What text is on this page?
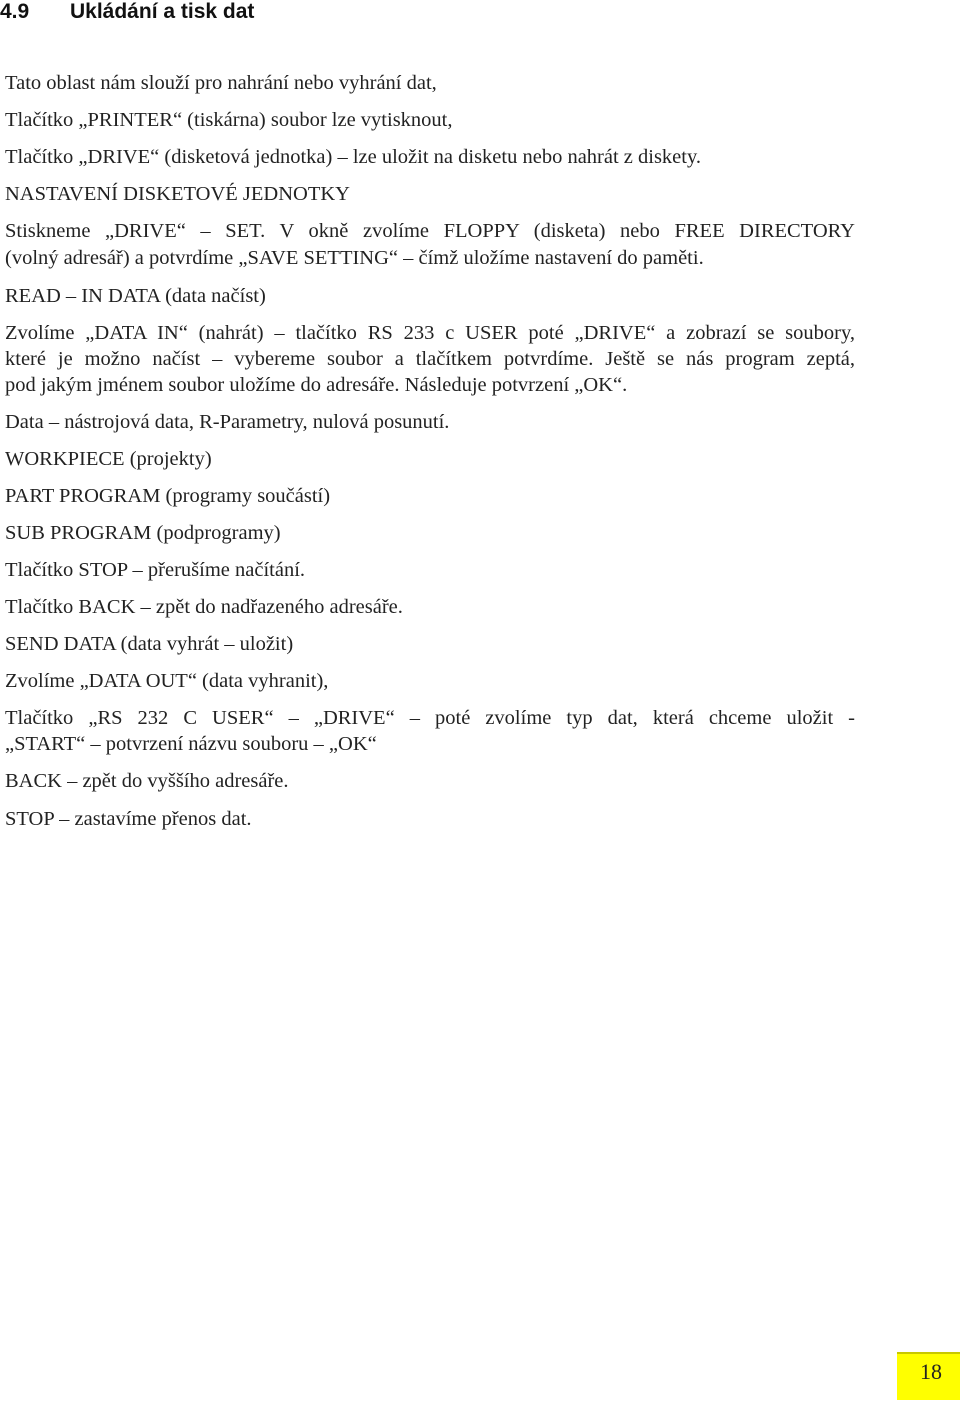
4.9 Ukládání a tisk dat
Tato oblast nám slouží pro nahrání nebo vyhrání dat,
Tlačítko „PRINTER“ (tiskárna) soubor lze vytisknout,
Tlačítko „DRIVE“ (disketová jednotka) – lze uložit na disketu nebo nahrát z diskety.
NASTAVENÍ DISKETOVÉ JEDNOTKY
Stiskneme „DRIVE“ – SET. V okně zvolíme FLOPPY (disketa) nebo FREE DIRECTORY
(volný adresář) a potvrdíme „SAVE SETTING“ – čímž uložíme nastavení do paměti.
READ – IN DATA (data načíst)
Zvolíme „DATA IN“ (nahrát) – tlačítko RS 233 c USER poté „DRIVE“ a zobrazí se soubory,
které je možno načíst – vybereme soubor a tlačítkem potvrdíme. Ještě se nás program zeptá,
pod jakým jménem soubor uložíme do adresáře. Následuje potvrzení „OK“.
Data – nástrojová data, R-Parametry, nulová posunutí.
WORKPIECE (projekty)
PART PROGRAM (programy součástí)
SUB PROGRAM (podprogramy)
Tlačítko STOP – přerušíme načítání.
Tlačítko BACK – zpět do nadřazeného adresáře.
SEND DATA (data vyhrát – uložit)
Zvolíme „DATA OUT“ (data vyhranit),
Tlačítko „RS 232 C USER“ – „DRIVE“ – poté zvolíme typ dat, která chceme uložit -
„START“ – potvrzení názvu souboru – „OK“
BACK – zpět do vyššího adresáře.
STOP – zastavíme přenos dat.
18
